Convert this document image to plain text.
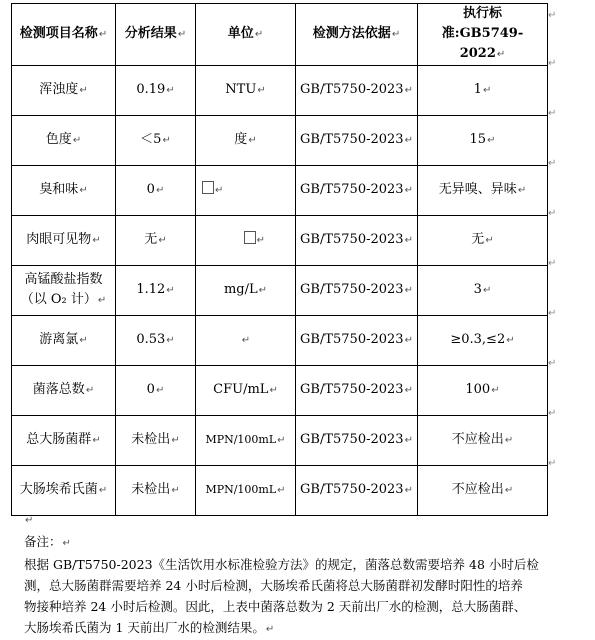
检测项目名称↵	分析结果↵	单位↵	检测方法依据↵	执行标
准:GB5749-2022↵
浑浊度↵	0.19↵	NTU↵	GB/T5750-2023↵	1↵
色度↵	＜5↵	度↵	GB/T5750-2023↵	15↵
臭和味↵	0↵	↵	GB/T5750-2023↵	无异嗅、异味↵
肉眼可见物↵	无↵	↵	GB/T5750-2023↵	无↵
高锰酸盐指数
（以 O₂ 计）↵	1.12↵	mg/L↵	GB/T5750-2023↵	3↵
游离氯↵	0.53↵	↵	GB/T5750-2023↵	≥0.3,≤2↵
菌落总数↵	0↵	CFU/mL↵	GB/T5750-2023↵	100↵
总大肠菌群↵	未检出↵	MPN/100mL↵	GB/T5750-2023↵	不应检出↵
大肠埃希氏菌↵	未检出↵	MPN/100mL↵	GB/T5750-2023↵	不应检出↵
↵
↵
↵
↵
↵
↵
↵
↵
↵
↵

↵

备注：↵

根据 GB/T5750-2023《生活饮用水标准检验方法》的规定，菌落总数需要培养 48 小时后检

测，总大肠菌群需要培养 24 小时后检测，大肠埃希氏菌将总大肠菌群初发酵时阳性的培养

物接种培养 24 小时后检测。因此，上表中菌落总数为 2 天前出厂水的检测，总大肠菌群、

大肠埃希氏菌为 1 天前出厂水的检测结果。↵
